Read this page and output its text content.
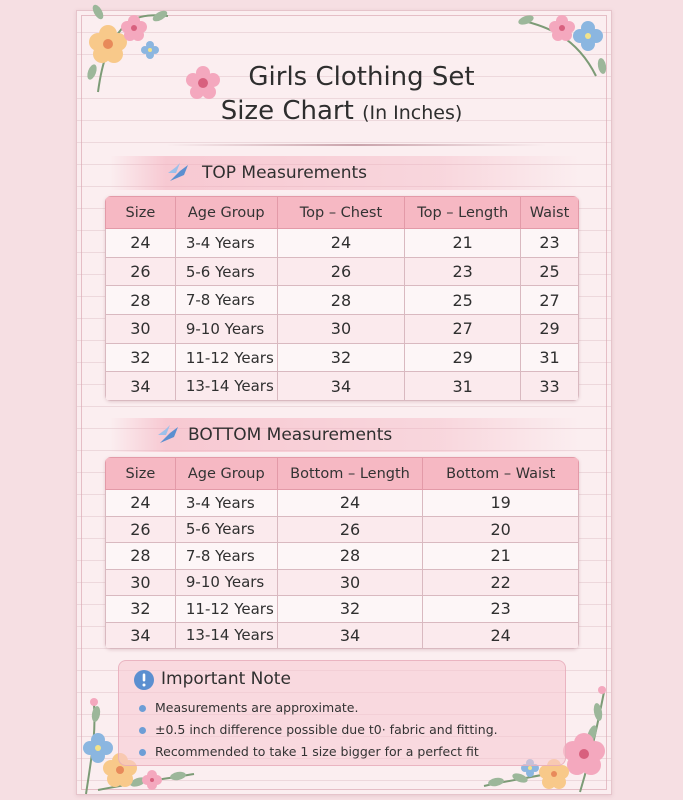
Girls Clothing Set
Size Chart (In Inches)
TOP Measurements
Size	Age Group	Top – Chest	Top – Length	Waist
24	3-4 Years	24	21	23
26	5-6 Years	26	23	25
28	7-8 Years	28	25	27
30	9-10 Years	30	27	29
32	11-12 Years	32	29	31
34	13-14 Years	34	31	33
BOTTOM Measurements
Size	Age Group	Bottom – Length	Bottom – Waist
24	3-4 Years	24	19
26	5-6 Years	26	20
28	7-8 Years	28	21
30	9-10 Years	30	22
32	11-12 Years	32	23
34	13-14 Years	34	24
Important Note
Measurements are approximate.
±0.5 inch difference possible due t0· fabric and fitting.
Recommended to take 1 size bigger for a perfect fit
